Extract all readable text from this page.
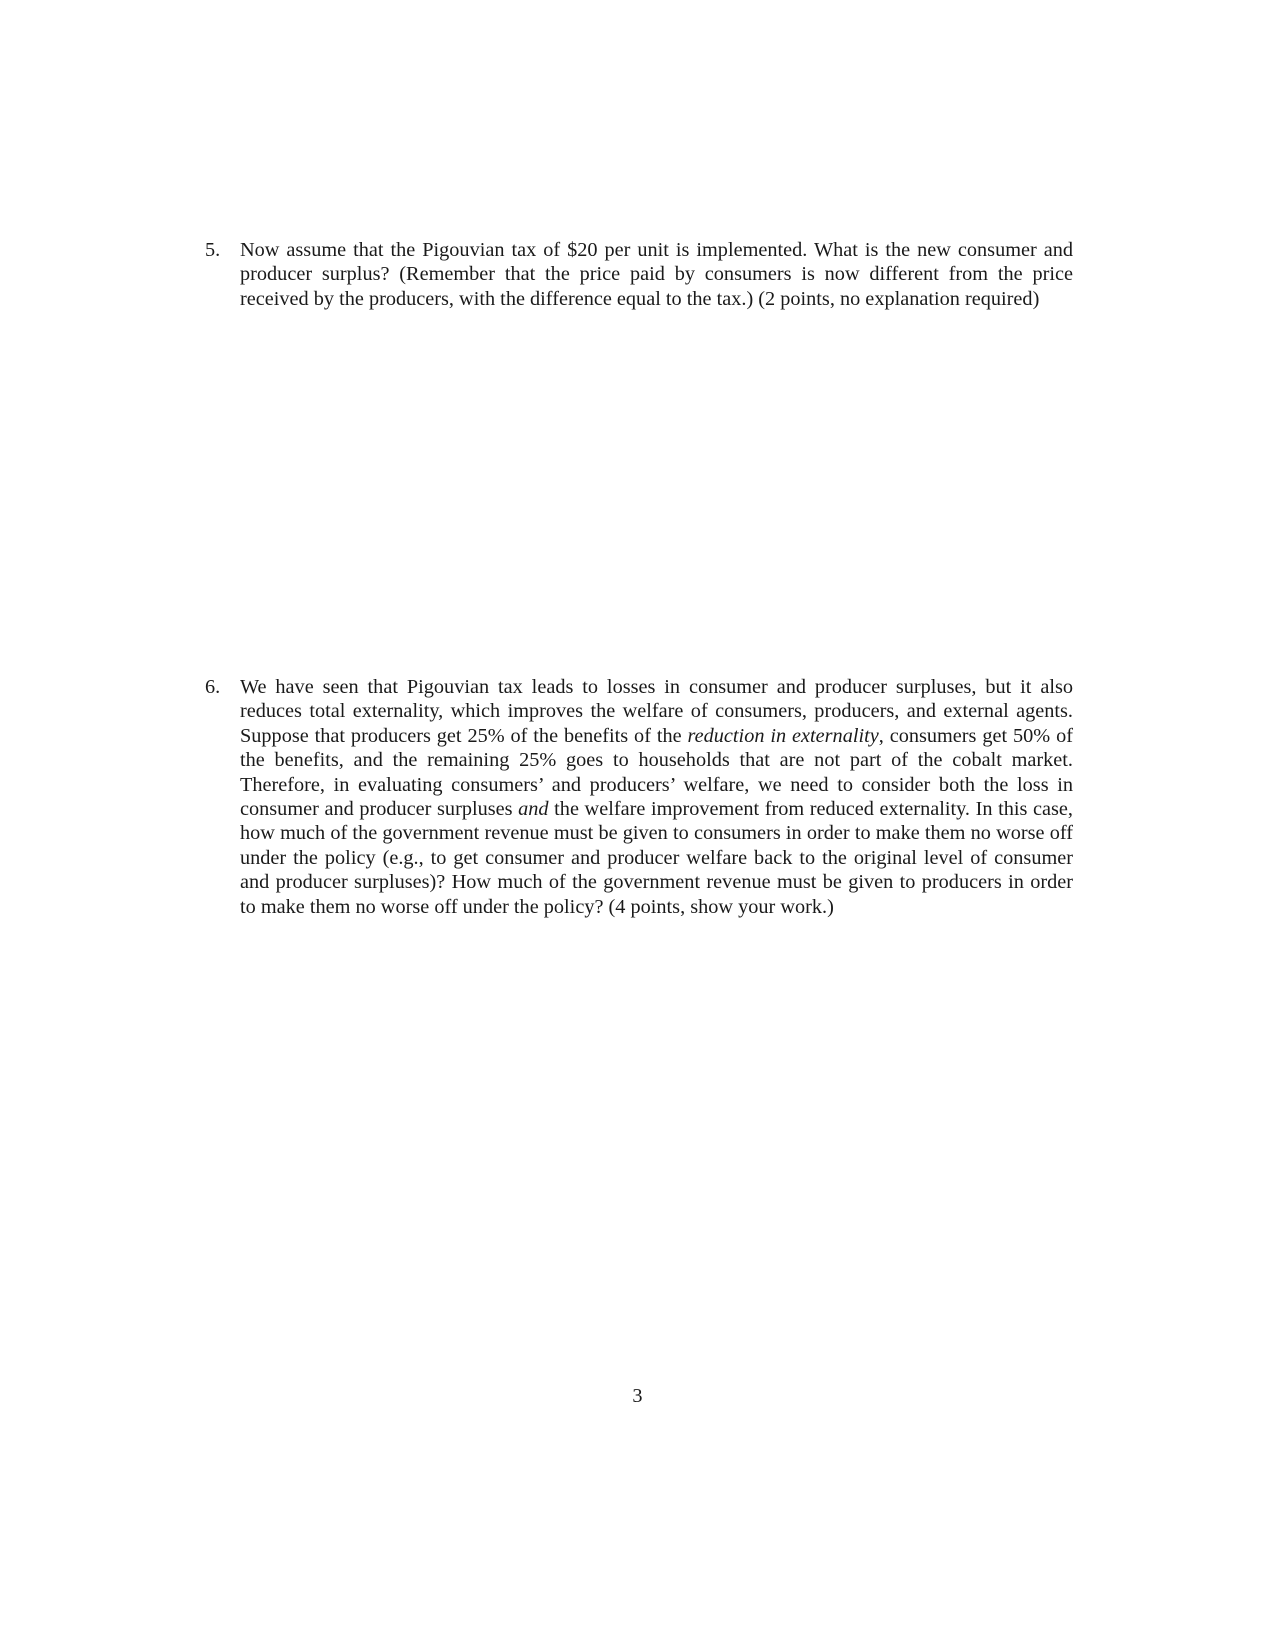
5. Now assume that the Pigouvian tax of $20 per unit is implemented. What is the new consumer and producer surplus? (Remember that the price paid by consumers is now different from the price received by the producers, with the difference equal to the tax.) (2 points, no explanation required)
6. We have seen that Pigouvian tax leads to losses in consumer and producer surpluses, but it also reduces total externality, which improves the welfare of consumers, producers, and external agents. Suppose that producers get 25% of the benefits of the reduction in externality, consumers get 50% of the benefits, and the remaining 25% goes to households that are not part of the cobalt market. Therefore, in evaluating consumers’ and producers’ welfare, we need to consider both the loss in consumer and producer surpluses and the welfare improvement from reduced externality. In this case, how much of the government revenue must be given to consumers in order to make them no worse off under the policy (e.g., to get consumer and producer welfare back to the original level of consumer and producer surpluses)? How much of the government revenue must be given to producers in order to make them no worse off under the policy? (4 points, show your work.)
3
